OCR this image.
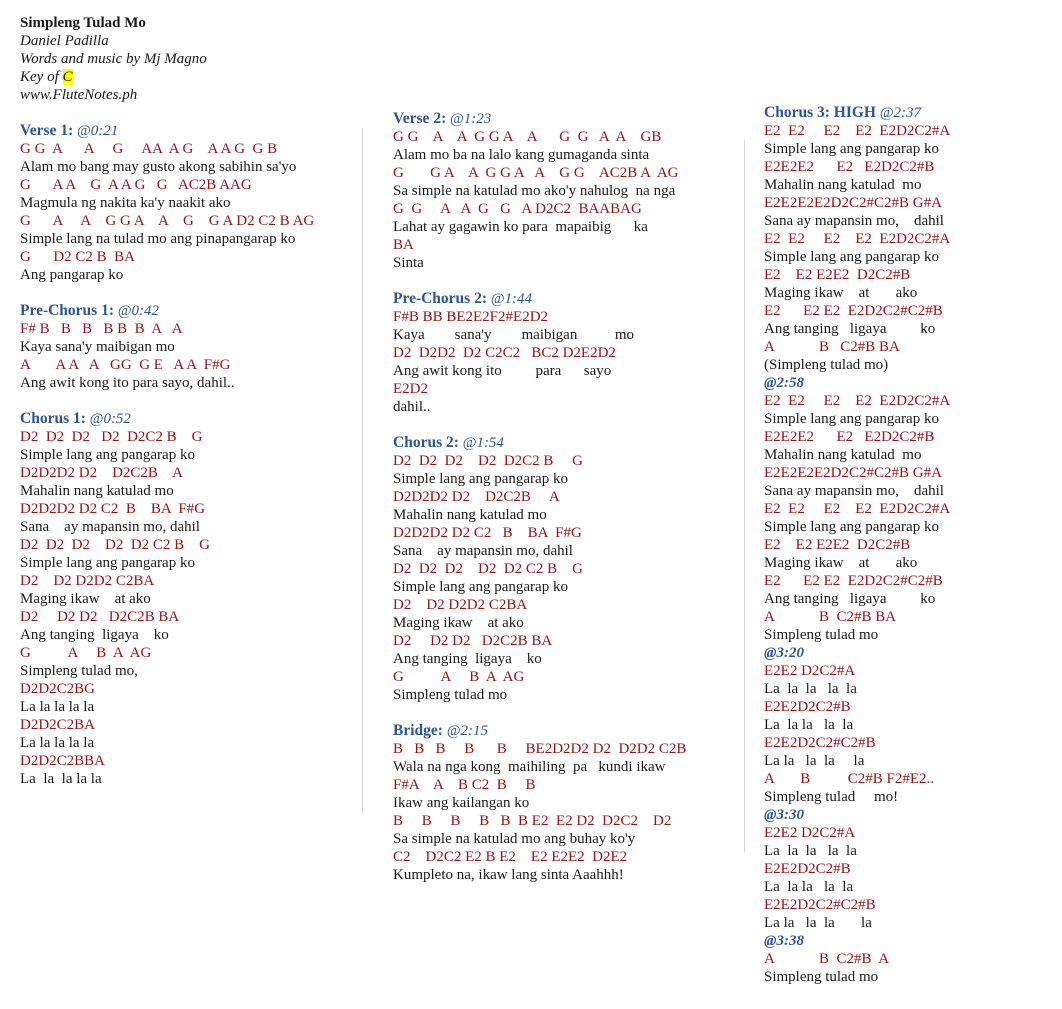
Simpleng Tulad Mo
Daniel Padilla
Words and music by Mj Magno
Key of C
www.FluteNotes.ph
Verse 1: @0:21
G G  A      A     G     AA  A G    A A G  G B
Alam mo bang may gusto akong sabihin sa'yo
G      A A    G  A A G   G   AC2B AAG
Magmula ng nakita ka'y naakit ako
G      A     A    G G A    A    G    G A D2 C2 B AG
Simple lang na tulad mo ang pinapangarap ko
G      D2 C2 B  BA
Ang pangarap ko
Pre-Chorus 1: @0:42
F# B   B   B   B B  B  A   A
Kaya sana'y maibigan mo
A       A A   A   GG  G E   A A  F#G
Ang awit kong ito para sayo, dahil..
Chorus 1: @0:52
D2  D2  D2   D2  D2C2 B    G
Simple lang ang pangarap ko
D2D2D2 D2    D2C2B    A
Mahalin nang katulad mo
D2D2D2 D2 C2  B    BA  F#G
Sana    ay mapansin mo, dahil
D2  D2  D2    D2  D2 C2 B    G
Simple lang ang pangarap ko
D2    D2 D2D2 C2BA
Maging ikaw    at ako
D2     D2 D2   D2C2B BA
Ang tanging  ligaya    ko
G          A     B  A  AG
Simpleng tulad mo,
D2D2C2BG
La la la la la
D2D2C2BA
La la la la la
D2D2C2BBA
La  la  la la la
Verse 2: @1:23
G G    A    A  G G A    A      G  G   A  A    GB
Alam mo ba na lalo kang gumaganda sinta
G       G A    A  G G A   A    G G    AC2B A  AG
Sa simple na katulad mo ako'y nahulog  na nga
G  G     A   A  G   G   A D2C2  BAABAG
Lahat ay gagawin ko para  mapaibig      ka
BA
Sinta
Pre-Chorus 2: @1:44
F#B BB BE2E2F2#E2D2
Kaya        sana'y        maibigan          mo
D2  D2D2  D2 C2C2   BC2 D2E2D2
Ang awit kong ito         para      sayo
E2D2
dahil..
Chorus 2: @1:54
D2  D2  D2    D2  D2C2 B     G
Simple lang ang pangarap ko
D2D2D2 D2    D2C2B     A
Mahalin nang katulad mo
D2D2D2 D2 C2   B    BA  F#G
Sana    ay mapansin mo, dahil
D2  D2  D2    D2  D2 C2 B    G
Simple lang ang pangarap ko
D2    D2 D2D2 C2BA
Maging ikaw    at ako
D2     D2 D2   D2C2B BA
Ang tanging  ligaya    ko
G          A     B  A  AG
Simpleng tulad mo
Bridge: @2:15
B   B   B     B      B     BE2D2D2 D2  D2D2 C2B
Wala na nga kong  maihiling  pa   kundi ikaw
F#A    A    B C2  B     B
Ikaw ang kailangan ko
B     B     B     B   B  B E2  E2 D2  D2C2    D2
Sa simple na katulad mo ang buhay ko'y
C2    D2C2 E2 B E2    E2 E2E2  D2E2
Kumpleto na, ikaw lang sinta Aaahhh!
Chorus 3: HIGH @2:37
E2  E2     E2    E2  E2D2C2#A
Simple lang ang pangarap ko
E2E2E2      E2   E2D2C2#B
Mahalin nang katulad  mo
E2E2E2E2D2C2#C2#B G#A
Sana ay mapansin mo,    dahil
E2  E2     E2    E2  E2D2C2#A
Simple lang ang pangarap ko
E2    E2 E2E2  D2C2#B
Maging ikaw    at       ako
E2      E2 E2  E2D2C2#C2#B
Ang tanging   ligaya         ko
A            B   C2#B BA
(Simpleng tulad mo)
@2:58
E2  E2     E2    E2  E2D2C2#A
Simple lang ang pangarap ko
E2E2E2      E2   E2D2C2#B
Mahalin nang katulad  mo
E2E2E2E2D2C2#C2#B G#A
Sana ay mapansin mo,    dahil
E2  E2     E2    E2  E2D2C2#A
Simple lang ang pangarap ko
E2    E2 E2E2  D2C2#B
Maging ikaw    at       ako
E2      E2 E2  E2D2C2#C2#B
Ang tanging   ligaya         ko
A            B  C2#B BA
Simpleng tulad mo
@3:20
E2E2 D2C2#A
La  la  la   la  la
E2E2D2C2#B
La  la la   la  la
E2E2D2C2#C2#B
La la   la  la     la
A       B          C2#B F2#E2..
Simpleng tulad     mo!
@3:30
E2E2 D2C2#A
La  la  la   la  la
E2E2D2C2#B
La  la la   la  la
E2E2D2C2#C2#B
La la   la  la       la
@3:38
A            B  C2#B  A
Simpleng tulad mo
